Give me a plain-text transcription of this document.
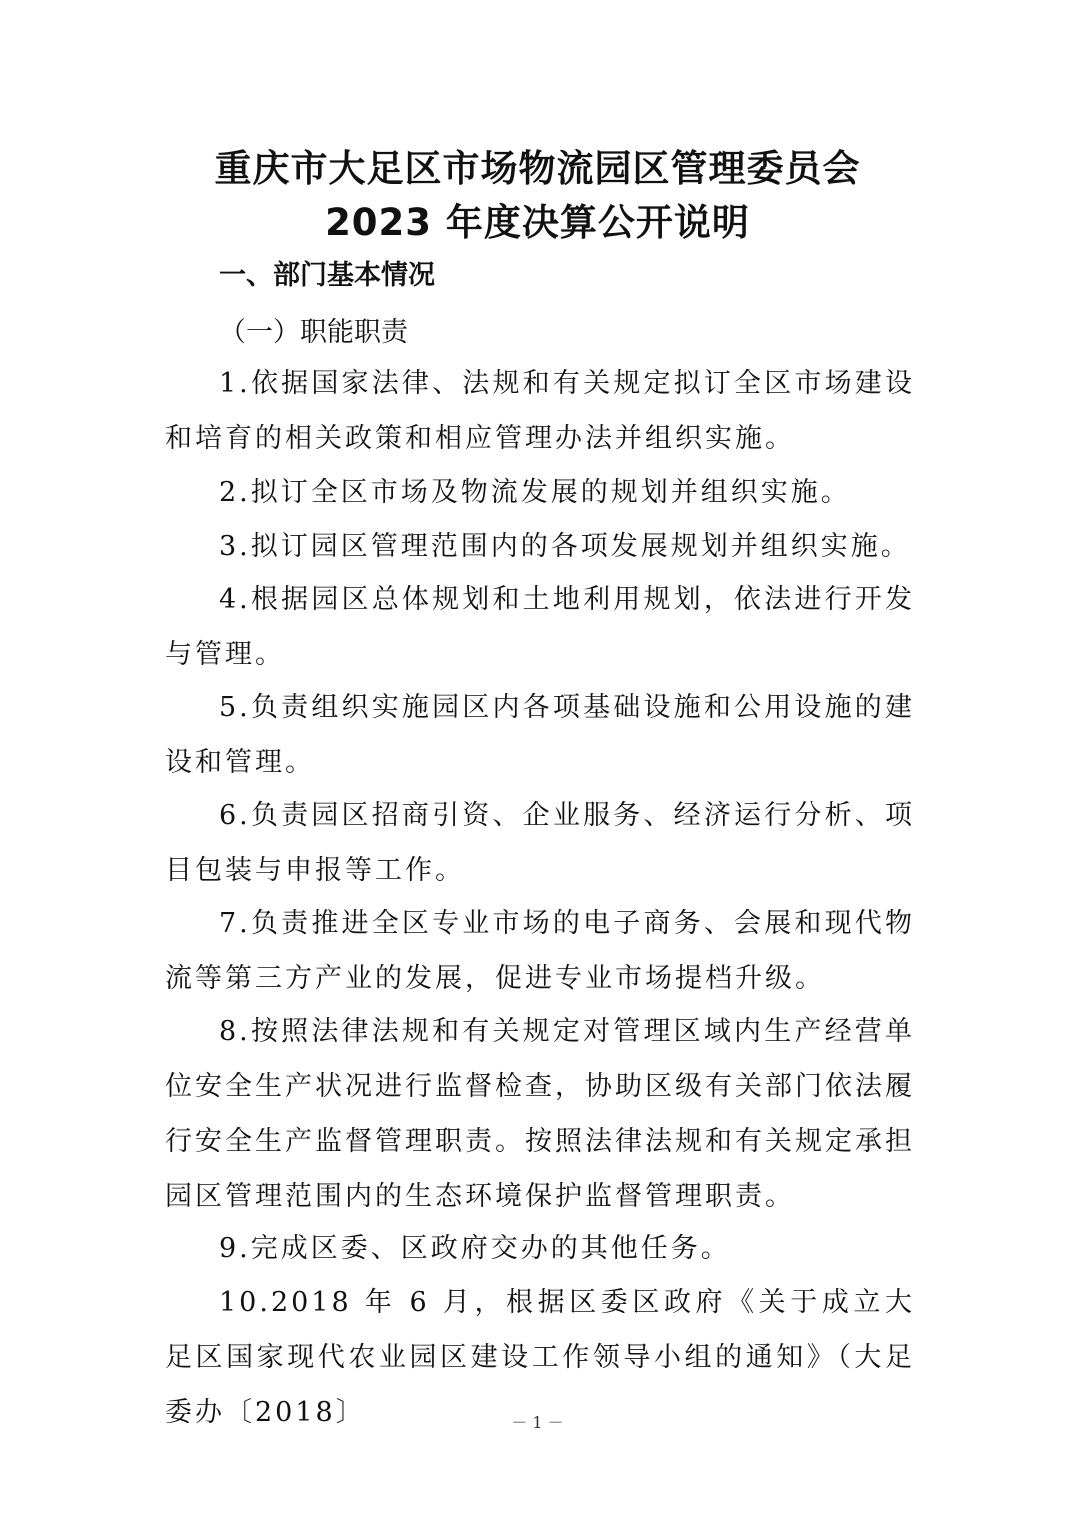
重庆市大足区市场物流园区管理委员会
2023 年度决算公开说明
一、部门基本情况
（一）职能职责

1.依据国家法律、法规和有关规定拟订全区市场建设和培育的相关政策和相应管理办法并组织实施。

2.拟订全区市场及物流发展的规划并组织实施。

3.拟订园区管理范围内的各项发展规划并组织实施。

4.根据园区总体规划和土地利用规划，依法进行开发与管理。

5.负责组织实施园区内各项基础设施和公用设施的建设和管理。

6.负责园区招商引资、企业服务、经济运行分析、项目包装与申报等工作。

7.负责推进全区专业市场的电子商务、会展和现代物流等第三方产业的发展，促进专业市场提档升级。

8.按照法律法规和有关规定对管理区域内生产经营单位安全生产状况进行监督检查，协助区级有关部门依法履行安全生产监督管理职责。按照法律法规和有关规定承担园区管理范围内的生态环境保护监督管理职责。

9.完成区委、区政府交办的其他任务。

10.2018 年 6 月，根据区委区政府《关于成立大足区国家现代农业园区建设工作领导小组的通知》（大足委办〔2018〕	－ 1 －
